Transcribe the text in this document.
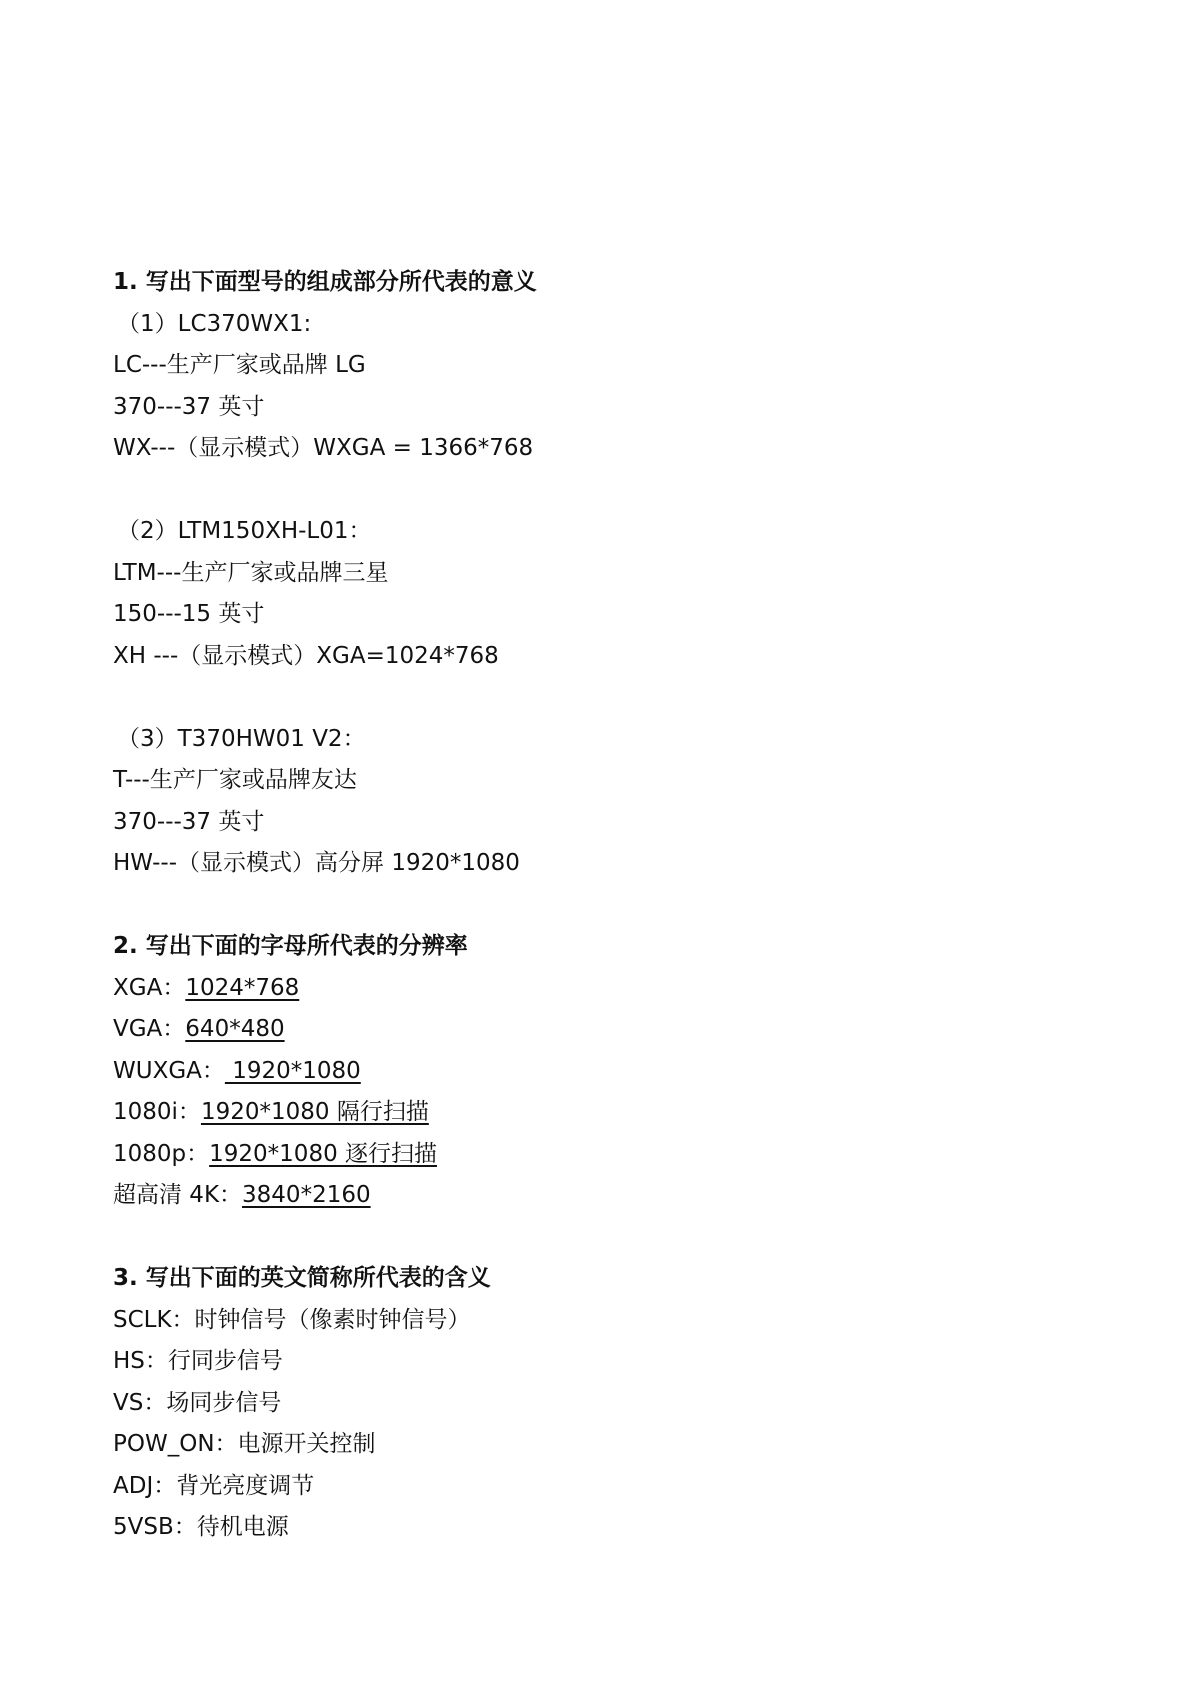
1. 写出下面型号的组成部分所代表的意义
（1）LC370WX1:
LC---生产厂家或品牌 LG
370---37 英寸
WX---（显示模式）WXGA = 1366*768
（2）LTM150XH-L01：
LTM---生产厂家或品牌三星
150---15 英寸
XH ---（显示模式）XGA=1024*768
（3）T370HW01 V2：
T---生产厂家或品牌友达
370---37 英寸
HW---（显示模式）高分屏 1920*1080
2. 写出下面的字母所代表的分辨率
XGA：1024*768
VGA：640*480
WUXGA： 1920*1080
1080i：1920*1080 隔行扫描
1080p：1920*1080 逐行扫描
超高清 4K：3840*2160
3. 写出下面的英文简称所代表的含义
SCLK：时钟信号（像素时钟信号）
HS：行同步信号
VS：场同步信号
POW_ON：电源开关控制
ADJ：背光亮度调节
5VSB：待机电源
